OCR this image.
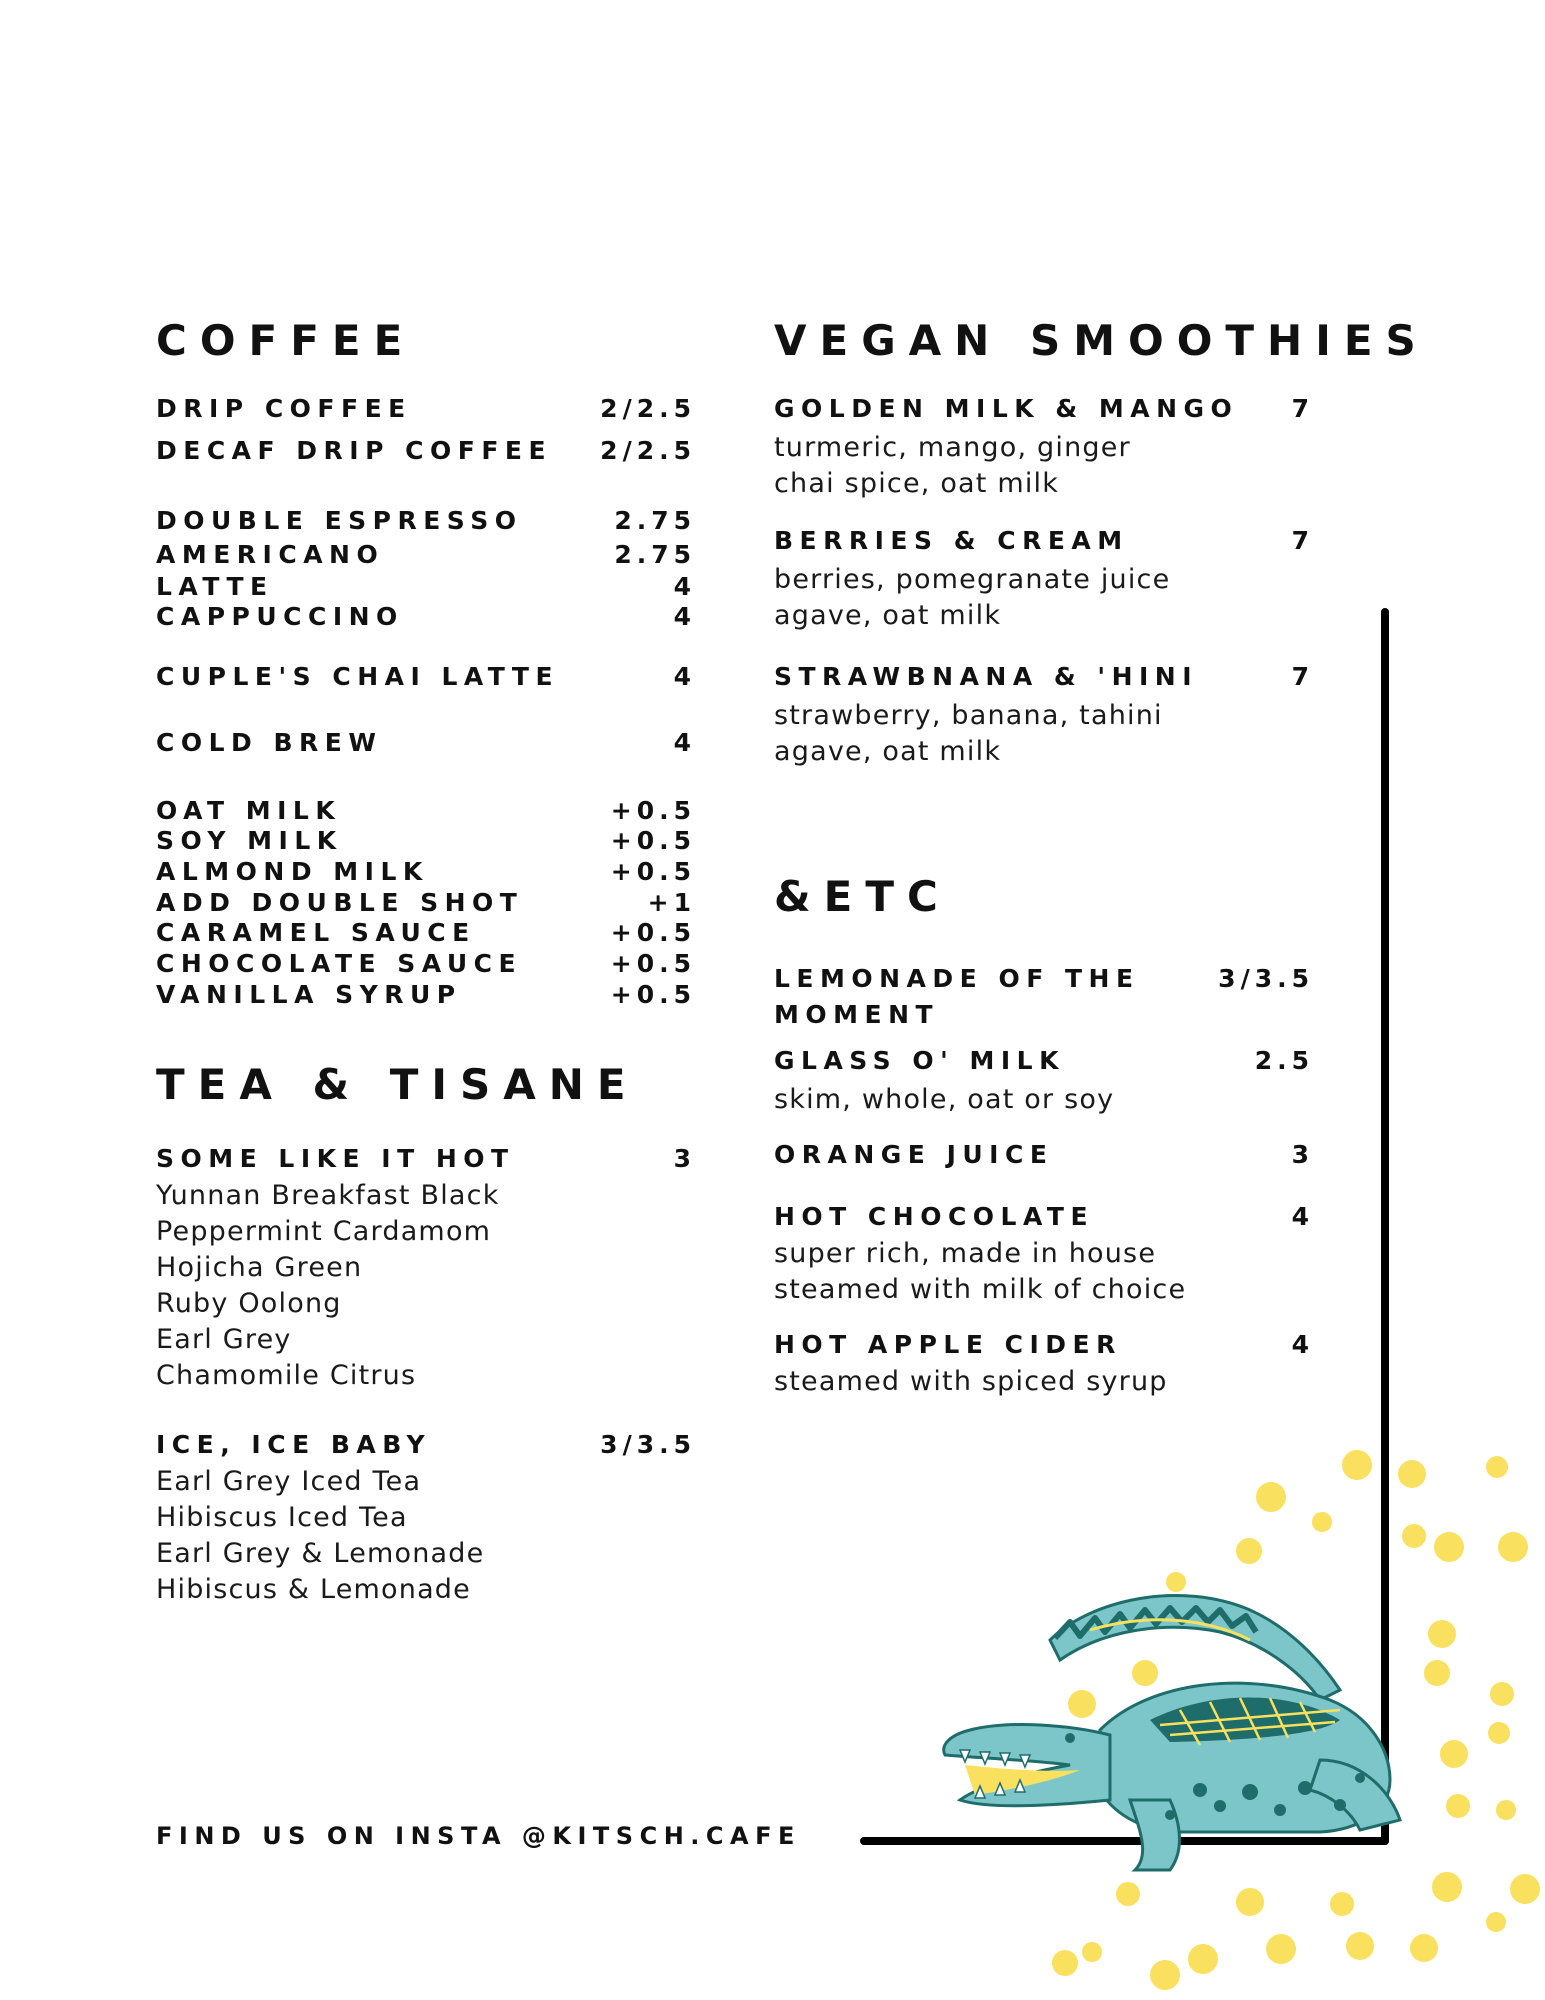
COFFEE
DRIP COFFEE	2/2.5
DECAF DRIP COFFEE 2/2.5
DOUBLE ESPRESSO	2.75
AMERICANO	2.75
LATTE	4
CAPPUCCINO	4
CUPLE'S CHAI LATTE	4
COLD BREW	4
OAT MILK	+0.5
SOY MILK	+0.5
ALMOND MILK	+0.5
ADD DOUBLE SHOT	+1
CARAMEL SAUCE	+0.5
CHOCOLATE SAUCE	+0.5
VANILLA SYRUP	+0.5
TEA & TISANE
SOME LIKE IT HOT	3
Yunnan Breakfast Black
Peppermint Cardamom
Hojicha Green
Ruby Oolong
Earl Grey
Chamomile Citrus
ICE, ICE BABY	3/3.5
Earl Grey Iced Tea
Hibiscus Iced Tea
Earl Grey & Lemonade
Hibiscus & Lemonade
VEGAN SMOOTHIES
GOLDEN MILK & MANGO 7
turmeric, mango, ginger
chai spice, oat milk
BERRIES & CREAM	7
berries, pomegranate juice
agave, oat milk
STRAWBNANA & 'HINI	7
strawberry, banana, tahini
agave, oat milk
&ETC
LEMONADE OF THE	3/3.5
MOMENT
GLASS O' MILK	2.5
skim, whole, oat or soy
ORANGE JUICE	3
HOT CHOCOLATE	4
super rich, made in house
steamed with milk of choice
HOT APPLE CIDER	4
steamed with spiced syrup
FIND US ON INSTA @KITSCH.CAFE
